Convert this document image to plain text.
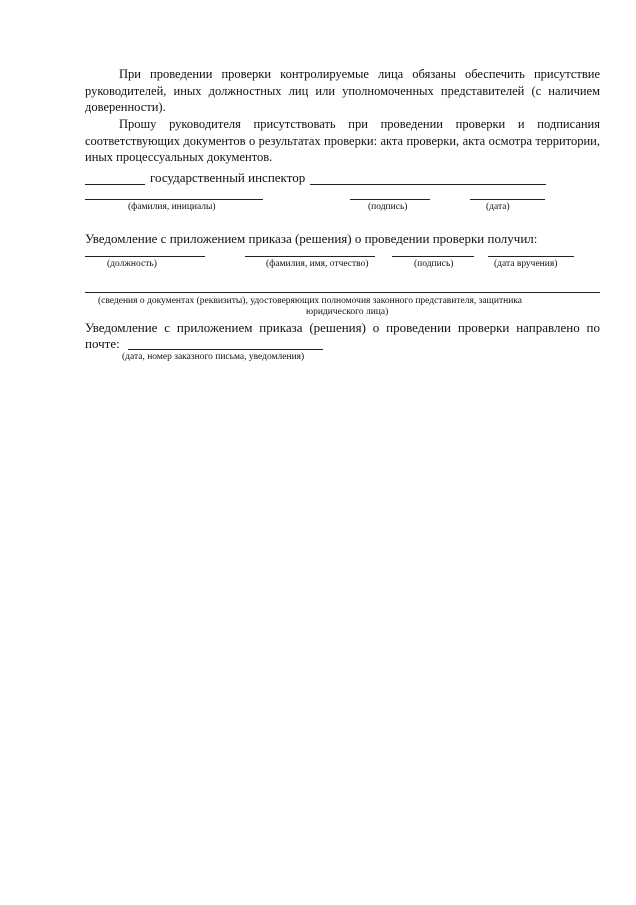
При проведении проверки контролируемые лица обязаны обеспечить присутствие руководителей, иных должностных лиц или уполномоченных представителей (с наличием доверенности).

Прошу руководителя присутствовать при проведении проверки и подписания соответствующих документов о результатах проверки: акта проверки, акта осмотра территории, иных процессуальных документов.

государственный инспектор
(фамилия, инициалы)	(подпись)	(дата)
Уведомление с приложением приказа (решения) о проведении проверки получил:
(должность)	(фамилия, имя, отчество)	(подпись)	(дата вручения)
(сведения о документах (реквизиты), удостоверяющих полномочия законного представителя, защитника
юридического лица)

Уведомление с приложением приказа (решения) о проведении проверки направлено по почте:

(дата, номер заказного письма, уведомления)
